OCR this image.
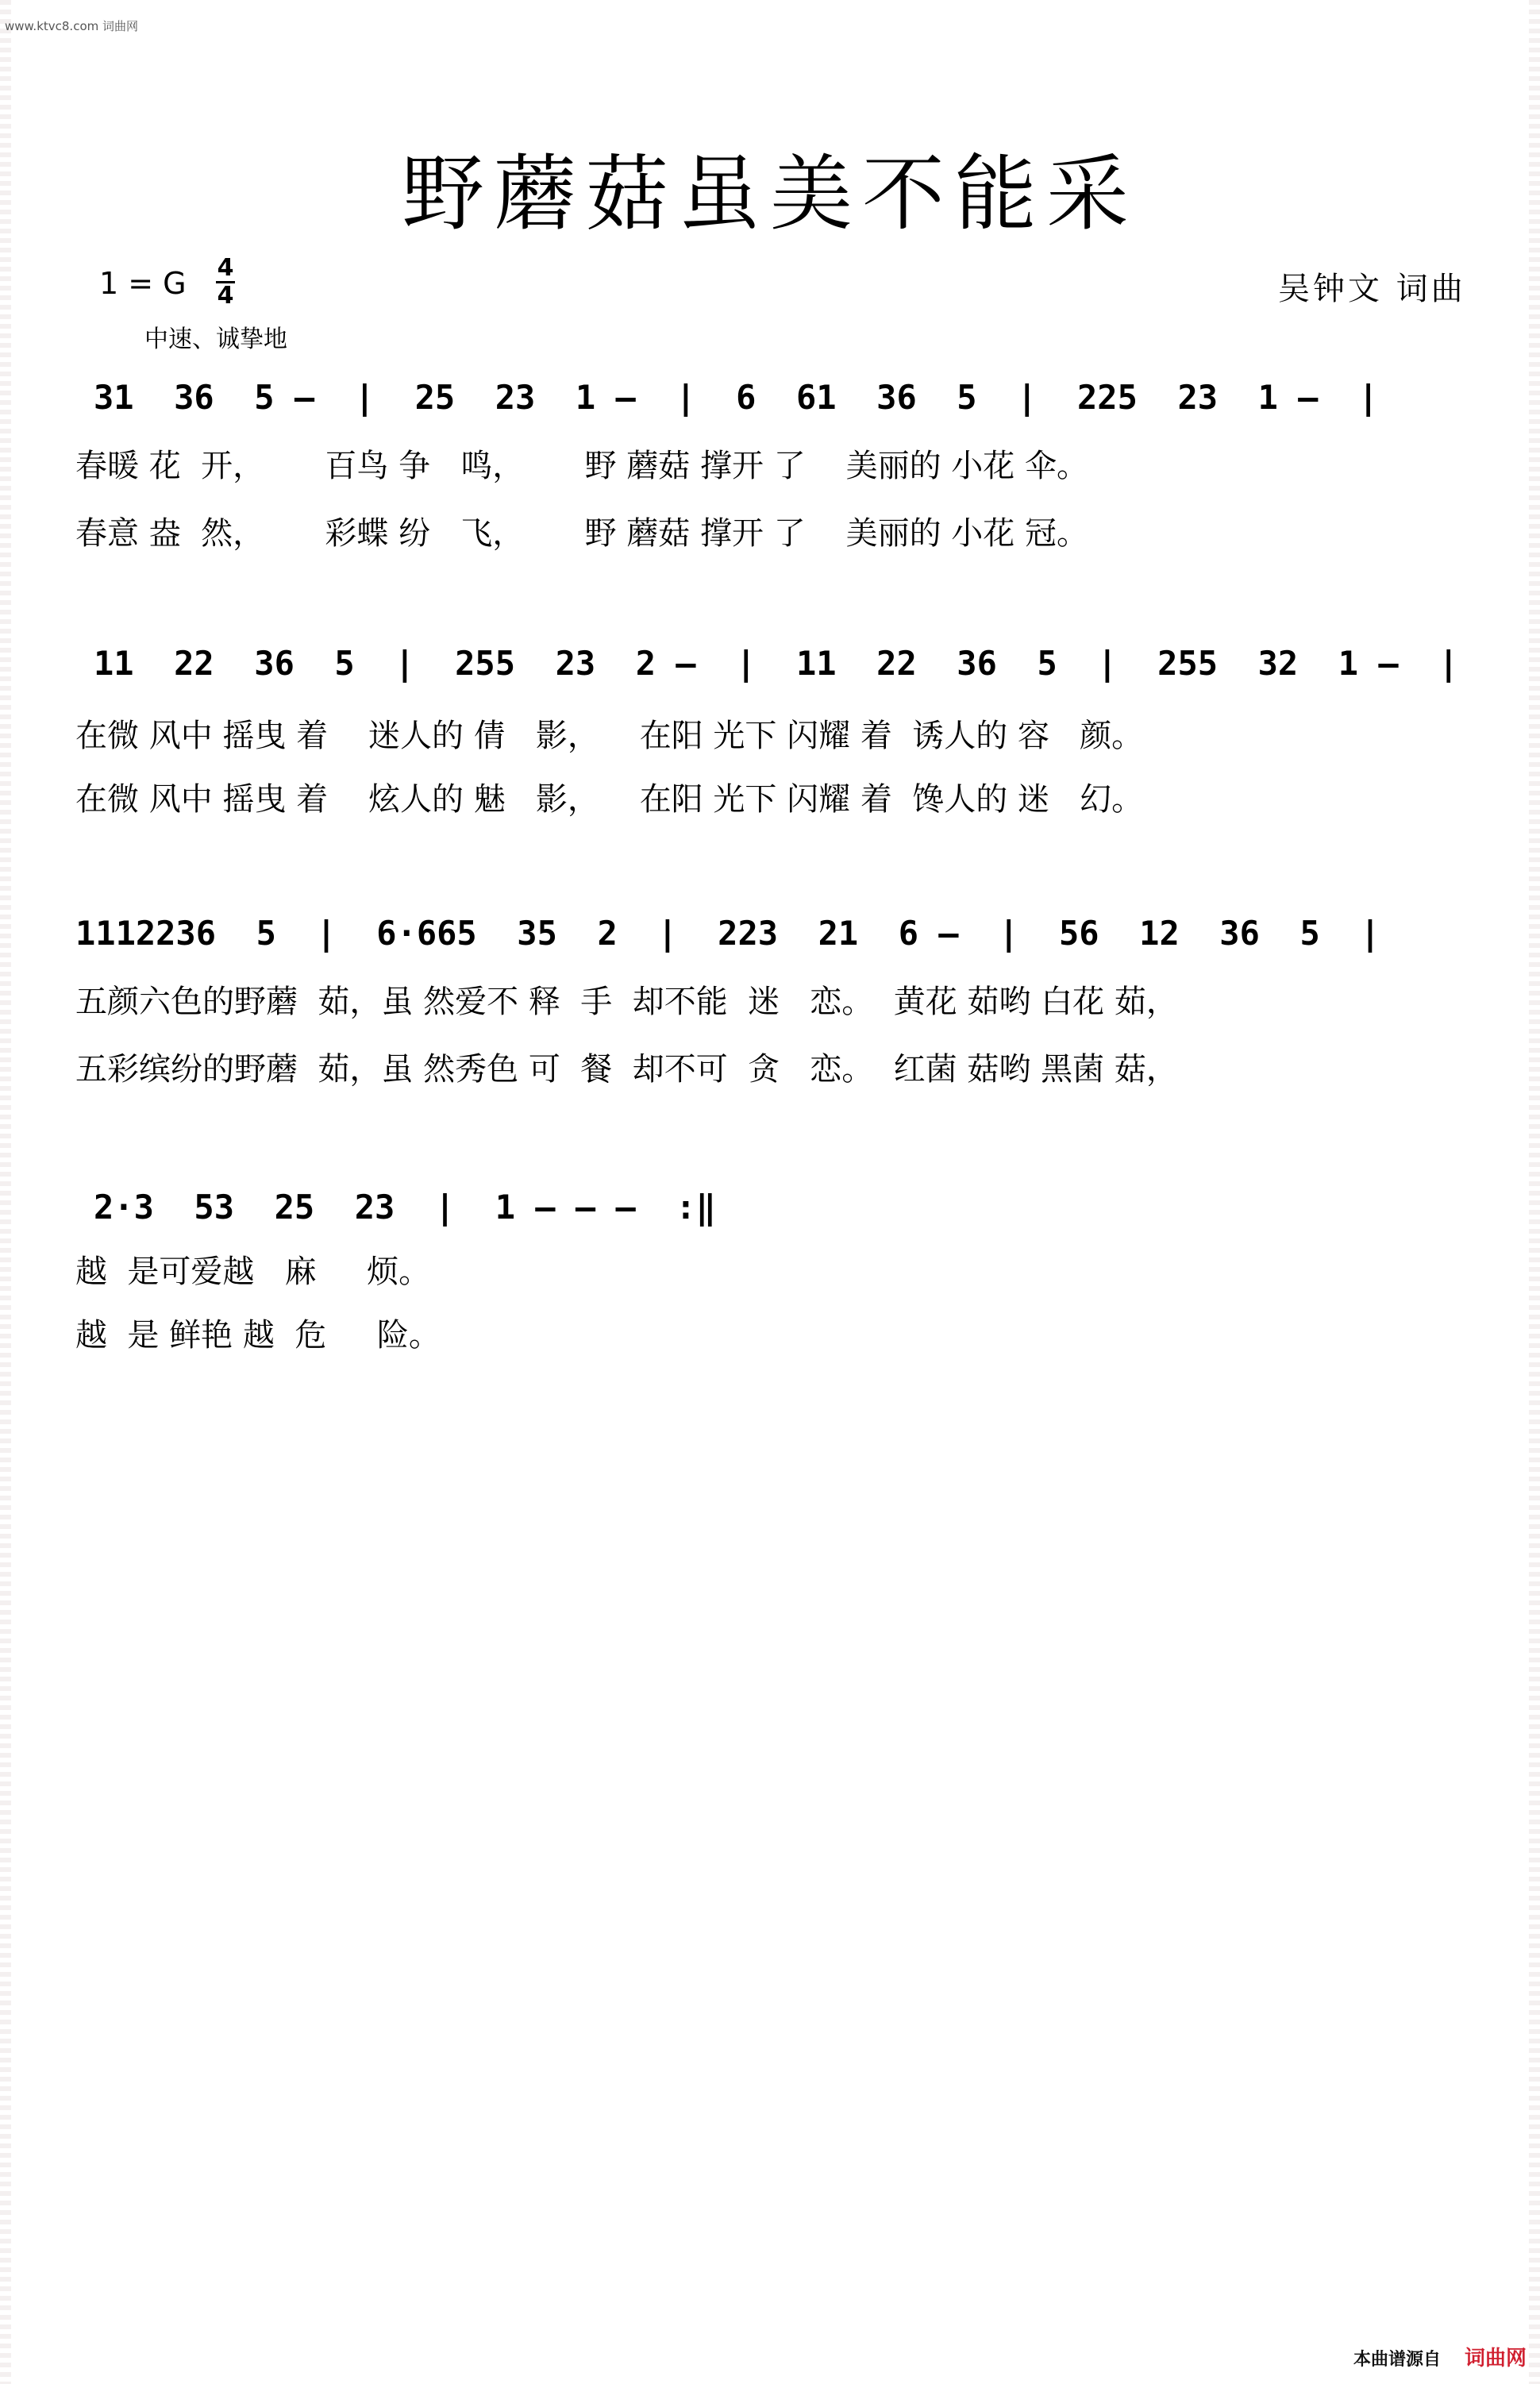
www.ktvc8.com 词曲网
野蘑菇虽美不能采
1 = G 4
4
中速、诚挚地
吴钟文 词曲
31  36  5 –  |  25  23  1 –  |  6  61  36  5  |  225  23  1 –  |
春暖 花  开，      百鸟 争   鸣，      野 蘑菇 撑开 了    美丽的 小花 伞。
春意 盎  然，      彩蝶 纷   飞，      野 蘑菇 撑开 了    美丽的 小花 冠。
11  22  36  5  |  255  23  2 –  |  11  22  36  5  |  255  32  1 –  |
在微 风中 摇曳 着    迷人的 倩   影，    在阳 光下 闪耀 着  诱人的 容   颜。
在微 风中 摇曳 着    炫人的 魅   影，    在阳 光下 闪耀 着  馋人的 迷   幻。
1112236  5  |  6·665  35  2  |  223  21  6 –  |  56  12  36  5  |
五颜六色的野蘑  茹，虽 然爱不 释  手  却不能  迷   恋。  黄花 茹哟 白花 茹，
五彩缤纷的野蘑  茹，虽 然秀色 可  餐  却不可  贪   恋。  红菌 菇哟 黑菌 菇，
2·3  53  25  23  |  1 – – –  :‖
越  是可爱越   麻     烦。
越  是 鲜艳 越  危     险。
本曲谱源自 词曲网
